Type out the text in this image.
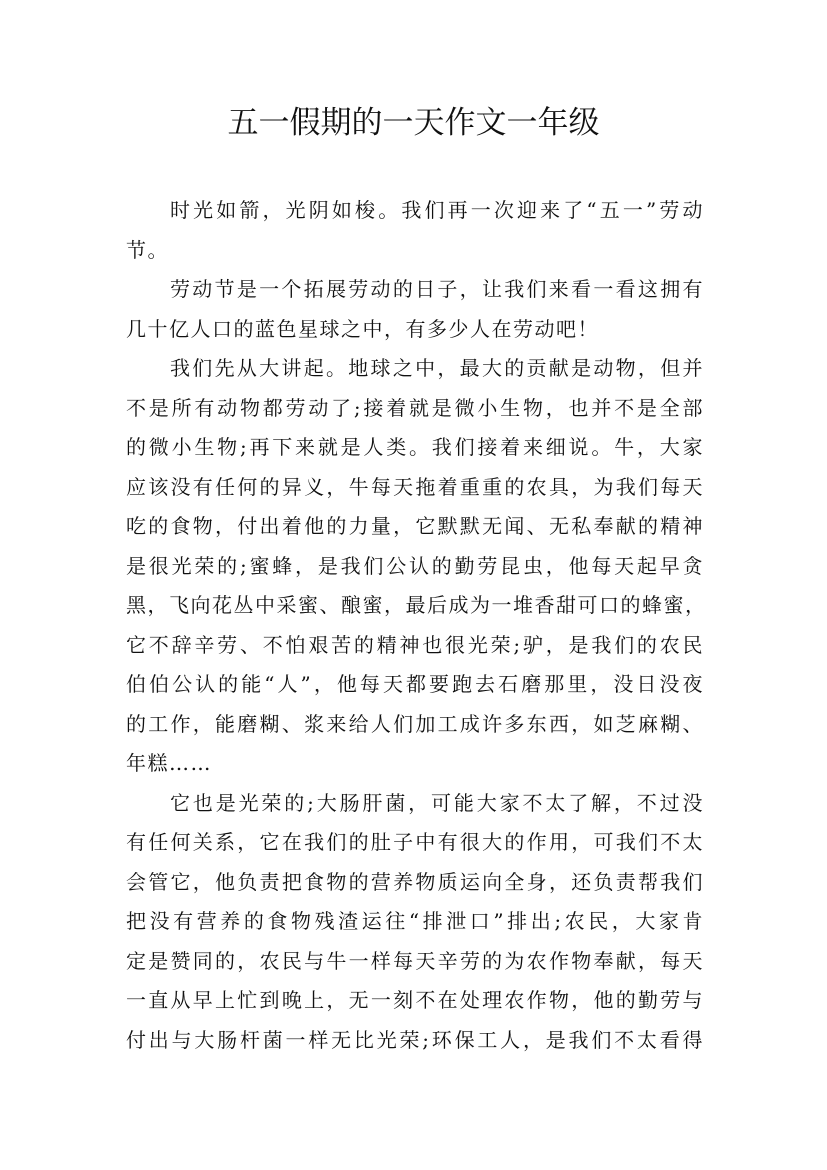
五一假期的一天作文一年级
时光如箭，光阴如梭。我们再一次迎来了“五一”劳动
节。
劳动节是一个拓展劳动的日子，让我们来看一看这拥有
几十亿人口的蓝色星球之中，有多少人在劳动吧！
我们先从大讲起。地球之中，最大的贡献是动物，但并
不是所有动物都劳动了;接着就是微小生物，也并不是全部
的微小生物;再下来就是人类。我们接着来细说。牛，大家
应该没有任何的异义，牛每天拖着重重的农具，为我们每天
吃的食物，付出着他的力量，它默默无闻、无私奉献的精神
是很光荣的;蜜蜂，是我们公认的勤劳昆虫，他每天起早贪
黑，飞向花丛中采蜜、酿蜜，最后成为一堆香甜可口的蜂蜜，
它不辞辛劳、不怕艰苦的精神也很光荣;驴，是我们的农民
伯伯公认的能“人”，他每天都要跑去石磨那里，没日没夜
的工作，能磨糊、浆来给人们加工成许多东西，如芝麻糊、
年糕……
它也是光荣的;大肠肝菌，可能大家不太了解，不过没
有任何关系，它在我们的肚子中有很大的作用，可我们不太
会管它，他负责把食物的营养物质运向全身，还负责帮我们
把没有营养的食物残渣运往“排泄口”排出;农民，大家肯
定是赞同的，农民与牛一样每天辛劳的为农作物奉献，每天
一直从早上忙到晚上，无一刻不在处理农作物，他的勤劳与
付出与大肠杆菌一样无比光荣;环保工人，是我们不太看得
